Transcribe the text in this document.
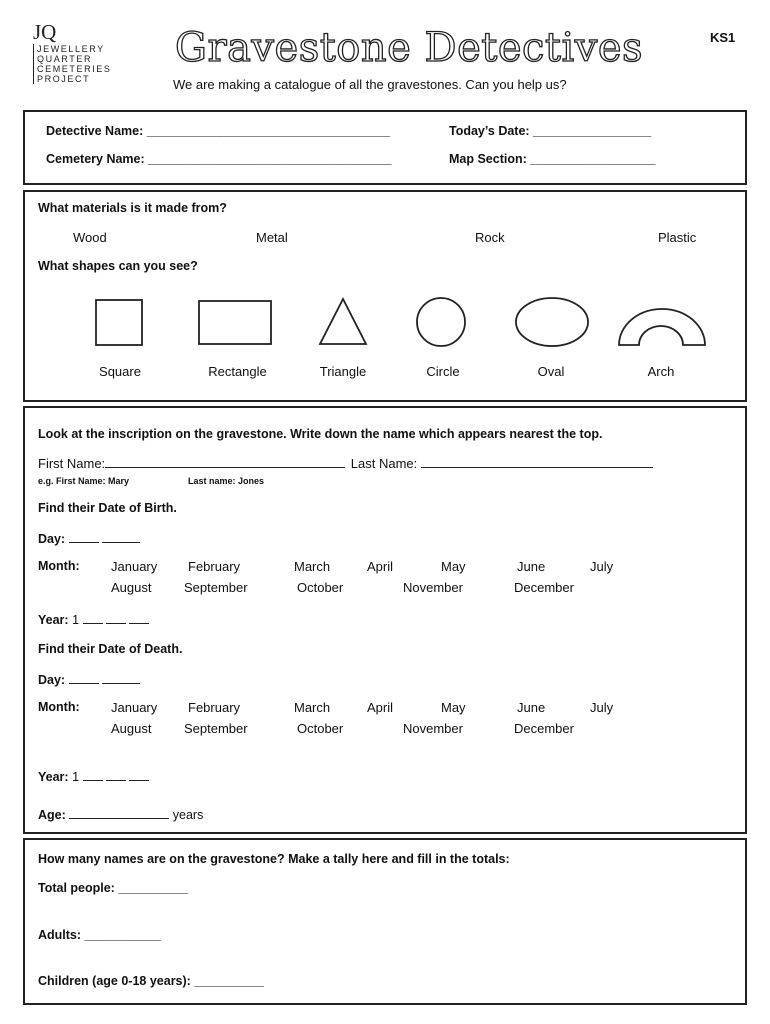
JQ
JEWELLERY
QUARTER
CEMETERIES
PROJECT
Gravestone Detectives
We are making a catalogue of all the gravestones. Can you help us?
KS1
Detective Name: ___________________________________	Today’s Date: _________________
Cemetery Name: ___________________________________	Map Section: __________________
What materials is it made from?
Wood	Metal	Rock	Plastic
What shapes can you see?
Square	Rectangle	Triangle	Circle	Oval	Arch
Look at the inscription on the gravestone. Write down the name which appears nearest the top.
First Name:	Last Name:
e.g. First Name: Mary	Last name: Jones
Find their Date of Birth.
Day:
Month: January February	March	April	May	June	July
August	September	October	November	December
Year: 1
Find their Date of Death.
Day:
Month: January February	March	April	May	June	July
August	September	October	November	December
Year: 1
Age:	years
How many names are on the gravestone? Make a tally here and fill in the totals:
Total people: __________
Adults: ___________
Children (age 0-18 years): __________
